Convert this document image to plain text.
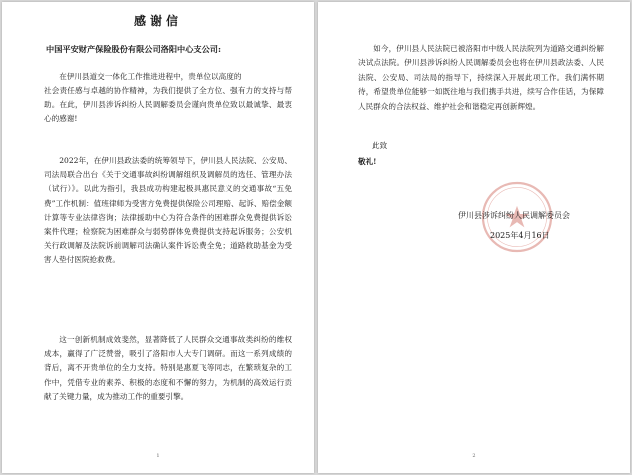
感谢信
中国平安财产保险股份有限公司洛阳中心支公司:

在伊川县道交一体化工作推进进程中，贵单位以高度的

社会责任感与卓越的协作精神，为我们提供了全方位、强有力的支持与帮助。在此，伊川县涉诉纠纷人民调解委员会谨向贵单位致以最诚挚、最衷心的感谢!

2022年，在伊川县政法委的统筹领导下，伊川县人民法院、公安局、司法局联合出台《关于交通事故纠纷调解组织及调解员的选任、管理办法（试行）》。以此为指引，我县成功构建起极具惠民意义的交通事故“五免费”工作机制：值班律师为受害方免费提供保险公司理赔、起诉、赔偿金额计算等专业法律咨询；法律援助中心为符合条件的困难群众免费提供诉讼案件代理；检察院为困难群众与弱势群体免费提供支持起诉服务；公安机关行政调解及法院诉前调解司法确认案件诉讼费全免；道路救助基金为受害人垫付医院抢救费。

这一创新机制成效斐然，显著降低了人民群众交通事故类纠纷的维权成本，赢得了广泛赞誉，吸引了洛阳市人大专门调研。而这一系列成绩的背后，离不开贵单位的全力支持。特别是惠夏飞等同志，在繁琐复杂的工作中，凭借专业的素养、积极的态度和不懈的努力，为机制的高效运行贡献了关键力量，成为推动工作的重要引擎。

1

如今，伊川县人民法院已被洛阳市中级人民法院列为道路交通纠纷解决试点法院。伊川县涉诉纠纷人民调解委员会也将在伊川县政法委、人民法院、公安局、司法局的指导下，持续深入开展此项工作。我们满怀期待，希望贵单位能够一如既往地与我们携手共进，续写合作佳话，为保障人民群众的合法权益、维护社会和谐稳定再创新辉煌。

此致
敬礼!
伊川县涉诉纠纷人民调解委员会
2025年4月16日
2
